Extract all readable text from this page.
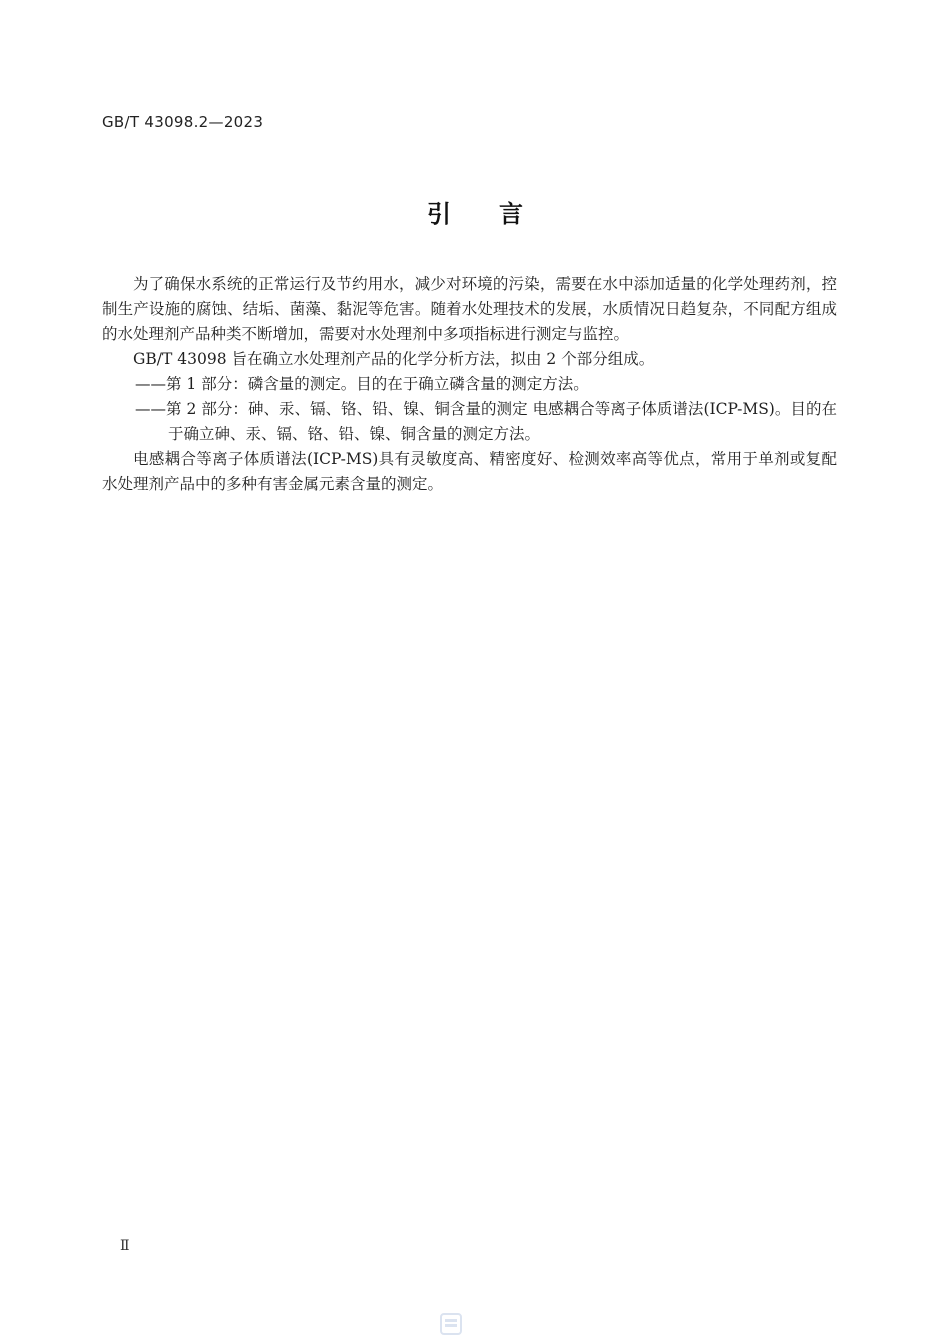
GB/T 43098.2—2023
引言

为了确保水系统的正常运行及节约用水，减少对环境的污染，需要在水中添加适量的化学处理药剂，控制生产设施的腐蚀、结垢、菌藻、黏泥等危害。随着水处理技术的发展，水质情况日趋复杂，不同配方组成的水处理剂产品种类不断增加，需要对水处理剂中多项指标进行测定与监控。

GB/T 43098 旨在确立水处理剂产品的化学分析方法，拟由 2 个部分组成。

——第 1 部分：磷含量的测定。目的在于确立磷含量的测定方法。

——第 2 部分：砷、汞、镉、铬、铅、镍、铜含量的测定 电感耦合等离子体质谱法(ICP-MS)。目的在于确立砷、汞、镉、铬、铅、镍、铜含量的测定方法。

电感耦合等离子体质谱法(ICP-MS)具有灵敏度高、精密度好、检测效率高等优点，常用于单剂或复配水处理剂产品中的多种有害金属元素含量的测定。

Ⅱ
